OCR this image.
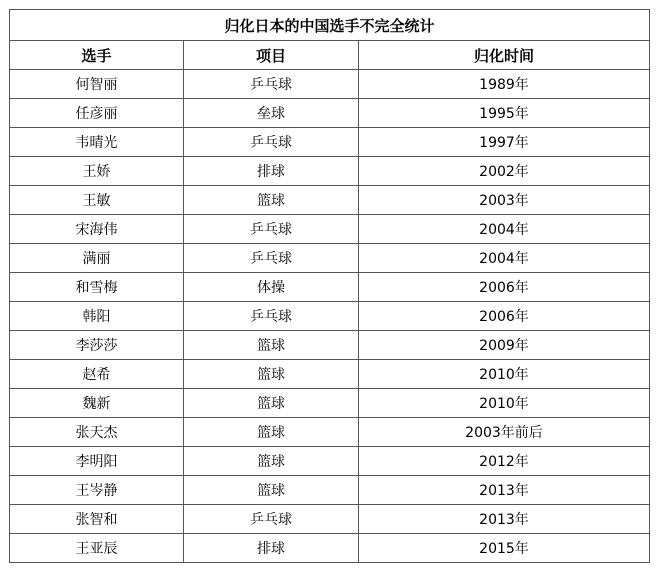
归化日本的中国选手不完全统计		
选手	项目	归化时间
何智丽	乒乓球	1989年
任彦丽	垒球	1995年
韦晴光	乒乓球	1997年
王娇	排球	2002年
王敏	篮球	2003年
宋海伟	乒乓球	2004年
满丽	乒乓球	2004年
和雪梅	体操	2006年
韩阳	乒乓球	2006年
李莎莎	篮球	2009年
赵希	篮球	2010年
魏新	篮球	2010年
张天杰	篮球	2003年前后
李明阳	篮球	2012年
王岑静	篮球	2013年
张智和	乒乓球	2013年
王亚辰	排球	2015年
